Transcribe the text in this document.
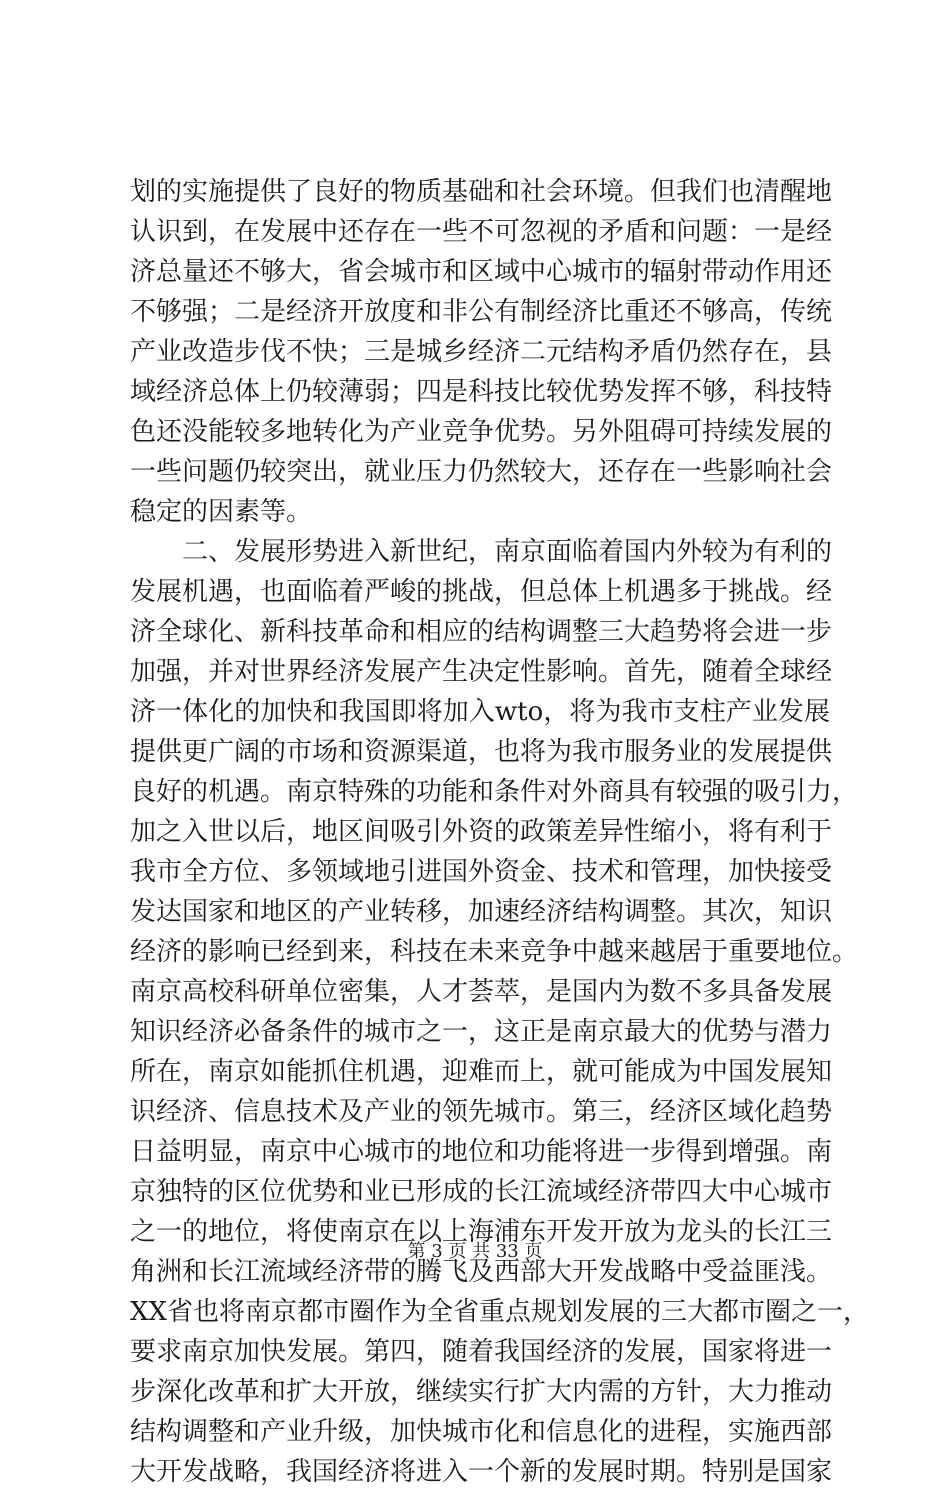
划的实施提供了良好的物质基础和社会环境。但我们也清醒地
认识到，在发展中还存在一些不可忽视的矛盾和问题：一是经
济总量还不够大，省会城市和区域中心城市的辐射带动作用还
不够强；二是经济开放度和非公有制经济比重还不够高，传统
产业改造步伐不快；三是城乡经济二元结构矛盾仍然存在，县
域经济总体上仍较薄弱；四是科技比较优势发挥不够，科技特
色还没能较多地转化为产业竞争优势。另外阻碍可持续发展的
一些问题仍较突出，就业压力仍然较大，还存在一些影响社会
稳定的因素等。
二、发展形势进入新世纪，南京面临着国内外较为有利的
发展机遇，也面临着严峻的挑战，但总体上机遇多于挑战。经
济全球化、新科技革命和相应的结构调整三大趋势将会进一步
加强，并对世界经济发展产生决定性影响。首先，随着全球经
济一体化的加快和我国即将加入wto，将为我市支柱产业发展
提供更广阔的市场和资源渠道，也将为我市服务业的发展提供
良好的机遇。南京特殊的功能和条件对外商具有较强的吸引力，
加之入世以后，地区间吸引外资的政策差异性缩小，将有利于
我市全方位、多领域地引进国外资金、技术和管理，加快接受
发达国家和地区的产业转移，加速经济结构调整。其次，知识
经济的影响已经到来，科技在未来竞争中越来越居于重要地位。
南京高校科研单位密集，人才荟萃，是国内为数不多具备发展
知识经济必备条件的城市之一，这正是南京最大的优势与潜力
所在，南京如能抓住机遇，迎难而上，就可能成为中国发展知
识经济、信息技术及产业的领先城市。第三，经济区域化趋势
日益明显，南京中心城市的地位和功能将进一步得到增强。南
京独特的区位优势和业已形成的长江流域经济带四大中心城市
之一的地位，将使南京在以上海浦东开发开放为龙头的长江三
角洲和长江流域经济带的腾飞及西部大开发战略中受益匪浅。
XX省也将南京都市圈作为全省重点规划发展的三大都市圈之一，
要求南京加快发展。第四，随着我国经济的发展，国家将进一
步深化改革和扩大开放，继续实行扩大内需的方针，大力推动
结构调整和产业升级，加快城市化和信息化的进程，实施西部
大开发战略，我国经济将进入一个新的发展时期。特别是国家
第 3 页 共 33 页
